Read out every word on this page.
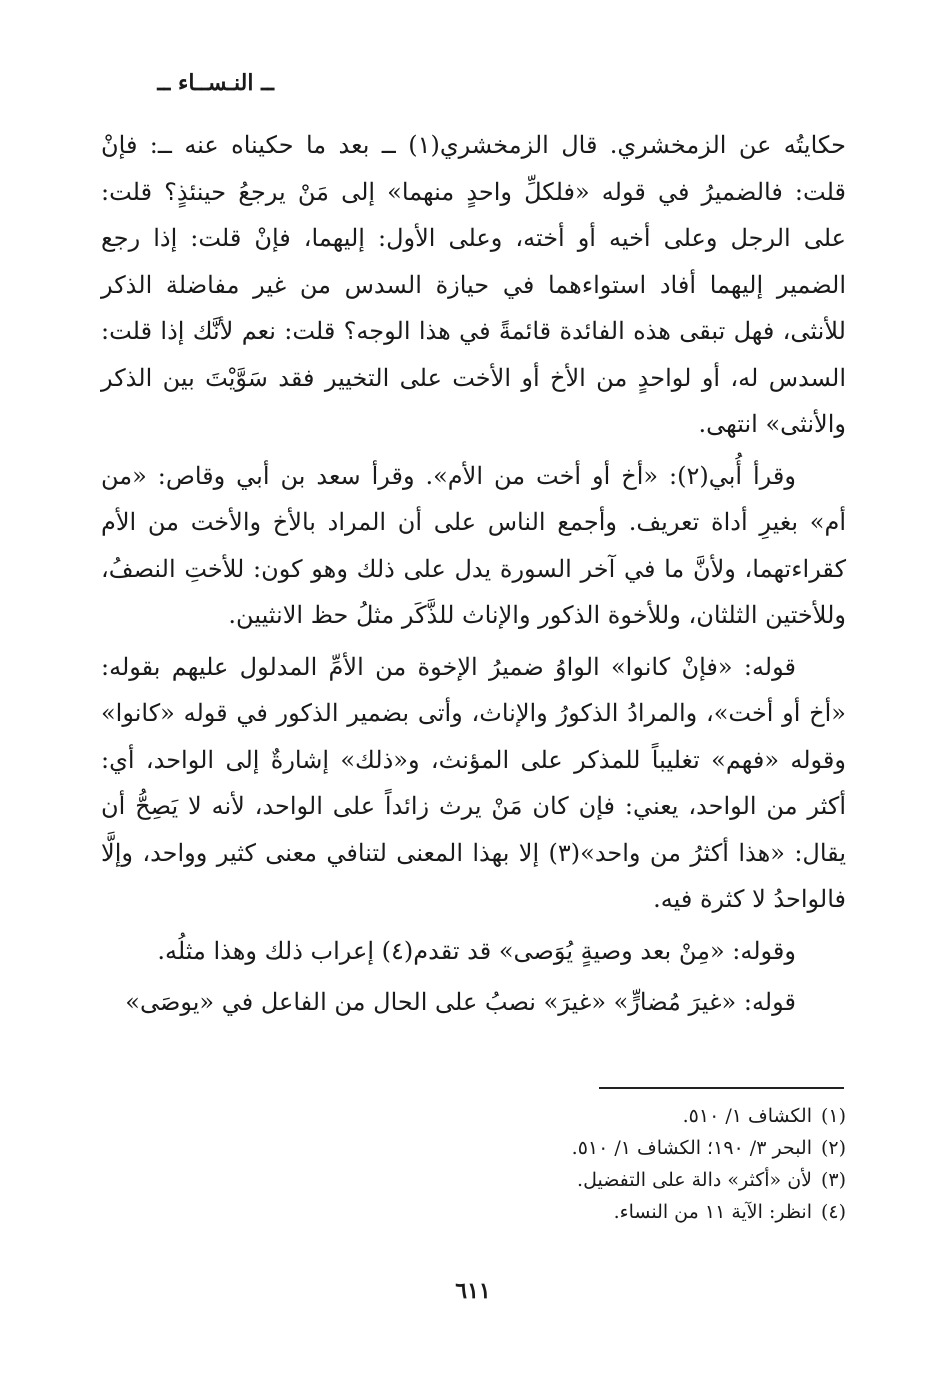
ــ النـســاء ــ

حكايتُه عن الزمخشري. قال الزمخشري(١) ــ بعد ما حكيناه عنه ــ: فإنْ قلت: فالضميرُ في قوله «فلكلِّ واحدٍ منهما» إلى مَنْ يرجعُ حينئذٍ؟ قلت: على الرجل وعلى أخيه أو أخته، وعلى الأول: إليهما، فإنْ قلت: إذا رجع الضمير إليهما أفاد استواءهما في حيازة السدس من غير مفاضلة الذكر للأنثى، فهل تبقى هذه الفائدة قائمةً في هذا الوجه؟ قلت: نعم لأنَّك إذا قلت: السدس له، أو لواحدٍ من الأخ أو الأخت على التخيير فقد سَوَّيْتَ بين الذكر والأنثى» انتهى.

وقرأ أُبي(٢): «أخ أو أخت من الأم». وقرأ سعد بن أبي وقاص: «من أم» بغيرِ أداة تعريف. وأجمع الناس على أن المراد بالأخ والأخت من الأم كقراءتهما، ولأنَّ ما في آخر السورة يدل على ذلك وهو كون: للأختِ النصفُ، وللأختين الثلثان، وللأخوة الذكور والإناث للذَّكَر مثلُ حظ الانثيين.

قوله: «فإنْ كانوا» الواوُ ضميرُ الإخوة من الأمِّ المدلول عليهم بقوله: «أخ أو أخت»، والمرادُ الذكورُ والإناث، وأتى بضمير الذكور في قوله «كانوا» وقوله «فهم» تغليباً للمذكر على المؤنث، و«ذلك» إشارةٌ إلى الواحد، أي: أكثر من الواحد، يعني: فإن كان مَنْ يرث زائداً على الواحد، لأنه لا يَصِحُّ أن يقال: «هذا أكثرُ من واحد»(٣) إلا بهذا المعنى لتنافي معنى كثير وواحد، وإلَّا فالواحدُ لا كثرة فيه.

وقوله: «مِنْ بعد وصيةٍ يُوَصى» قد تقدم(٤) إعراب ذلك وهذا مثلُه.

قوله: «غيرَ مُضارٍّ» «غيرَ» نصبُ على الحال من الفاعل في «يوصَى»

(١)الكشاف ١/ ٥١٠.
(٢)البحر ٣/ ١٩٠؛ الكشاف ١/ ٥١٠.
(٣)لأن «أكثر» دالة على التفضيل.
(٤)انظر: الآية ١١ من النساء.
٦١١
